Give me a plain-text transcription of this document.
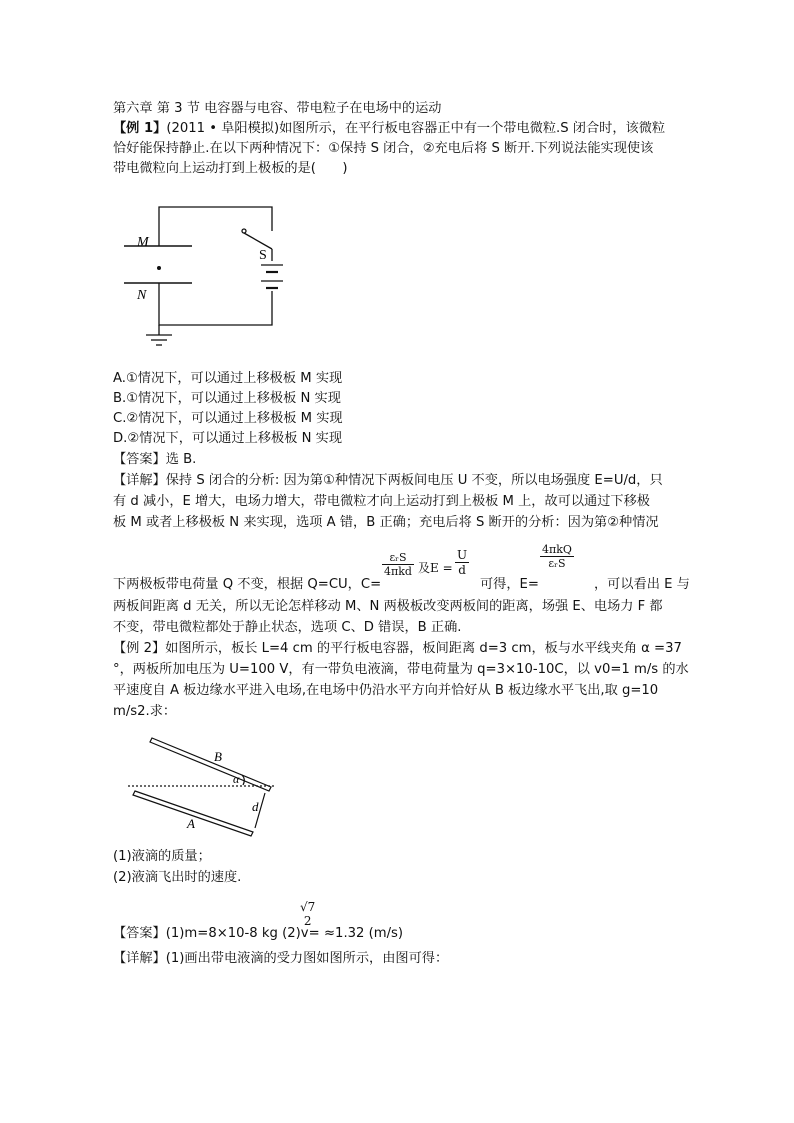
第六章 第 3 节 电容器与电容、带电粒子在电场中的运动
【例 1】(2011 • 阜阳模拟)如图所示，在平行板电容器正中有一个带电微粒.S 闭合时，该微粒
恰好能保持静止.在以下两种情况下：①保持 S 闭合，②充电后将 S 断开.下列说法能实现使该
带电微粒向上运动打到上极板的是(　　)
M
N
S
A.①情况下，可以通过上移极板 M 实现
B.①情况下，可以通过上移极板 N 实现
C.②情况下，可以通过上移极板 M 实现
D.②情况下，可以通过上移极板 N 实现
【答案】选 B.
【详解】保持 S 闭合的分析: 因为第①种情况下两板间电压 U 不变，所以电场强度 E=U/d，只
有 d 减小，E 增大，电场力增大，带电微粒才向上运动打到上极板 M 上，故可以通过下移极
板 M 或者上移极板 N 来实现，选项 A 错，B 正确；充电后将 S 断开的分析：因为第②种情况
下两极板带电荷量 Q 不变，根据 Q=CU，C=
εᵣS
4πkd 及$E = \frac{U}{d}$
可得，E=
4πkQ
εᵣS
，可以看出 E 与
两板间距离 d 无关，所以无论怎样移动 M、N 两极板改变两板间的距离，场强 E、电场力 F 都
不变，带电微粒都处于静止状态，选项 C、D 错误，B 正确.
【例 2】如图所示，板长 L=4 cm 的平行板电容器，板间距离 d=3 cm，板与水平线夹角 α =37
°，两板所加电压为 U=100 V，有一带负电液滴，带电荷量为 q=3×10-10C，以 v0=1 m/s 的水
平速度自 A 板边缘水平进入电场,在电场中仍沿水平方向并恰好从 B 板边缘水平飞出,取 g=10
m/s2.求：
B
A
α
d
(1)液滴的质量；
(2)液滴飞出时的速度.
【答案】(1)m=8×10-8 kg (2)v=
√7
2
≈1.32 (m/s)
【详解】(1)画出带电液滴的受力图如图所示，由图可得：
